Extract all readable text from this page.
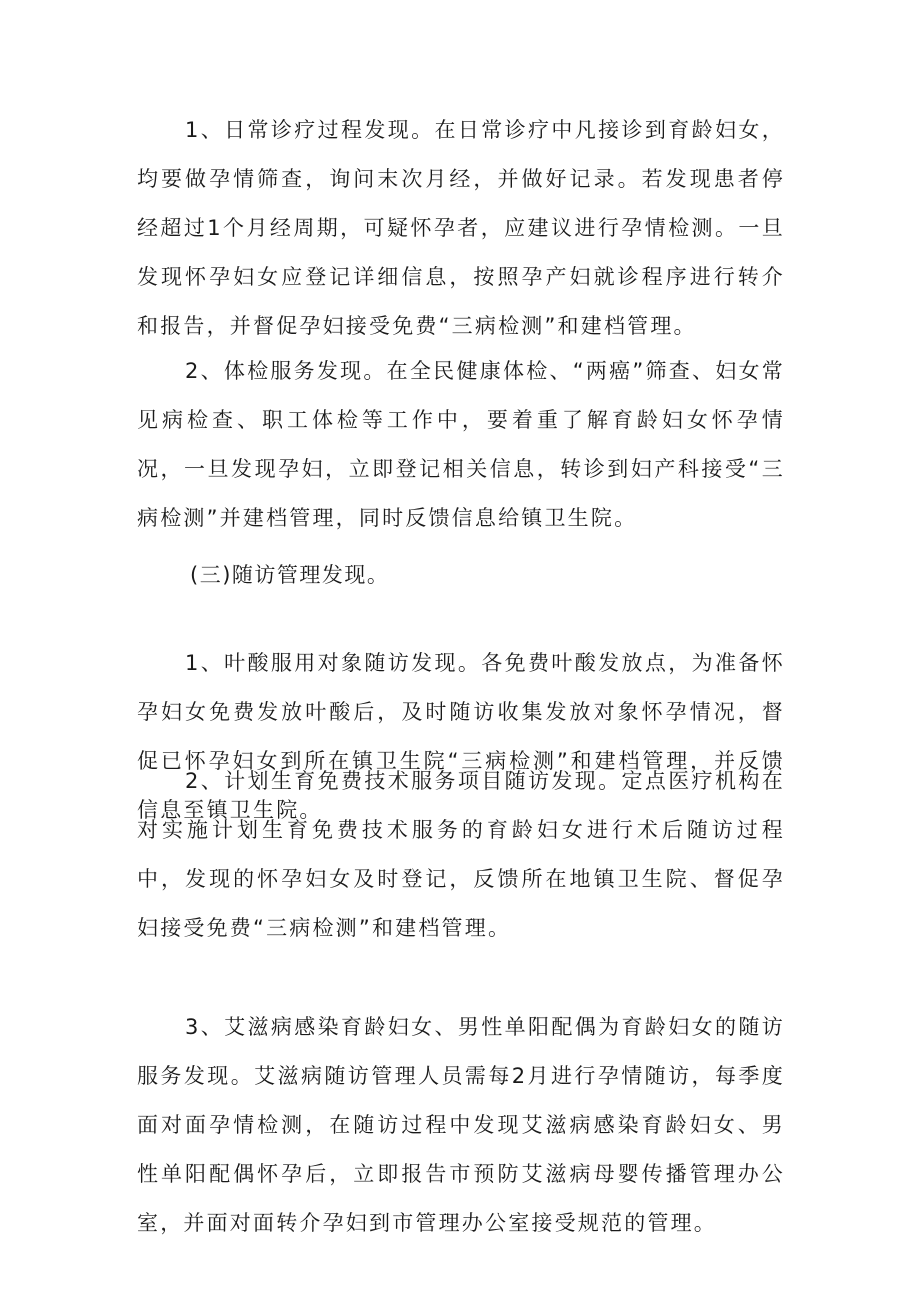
1、日常诊疗过程发现。在日常诊疗中凡接诊到育龄妇女，均要做孕情筛查，询问末次月经，并做好记录。若发现患者停经超过1个月经周期，可疑怀孕者，应建议进行孕情检测。一旦发现怀孕妇女应登记详细信息，按照孕产妇就诊程序进行转介和报告，并督促孕妇接受免费“三病检测”和建档管理。

2、体检服务发现。在全民健康体检、“两癌”筛查、妇女常见病检查、职工体检等工作中，要着重了解育龄妇女怀孕情况，一旦发现孕妇，立即登记相关信息，转诊到妇产科接受“三病检测”并建档管理，同时反馈信息给镇卫生院。

(三)随访管理发现。

1、叶酸服用对象随访发现。各免费叶酸发放点，为准备怀孕妇女免费发放叶酸后，及时随访收集发放对象怀孕情况，督促已怀孕妇女到所在镇卫生院“三病检测”和建档管理，并反馈信息至镇卫生院。

2、计划生育免费技术服务项目随访发现。定点医疗机构在对实施计划生育免费技术服务的育龄妇女进行术后随访过程中，发现的怀孕妇女及时登记，反馈所在地镇卫生院、督促孕妇接受免费“三病检测”和建档管理。

3、艾滋病感染育龄妇女、男性单阳配偶为育龄妇女的随访服务发现。艾滋病随访管理人员需每2月进行孕情随访，每季度面对面孕情检测，在随访过程中发现艾滋病感染育龄妇女、男性单阳配偶怀孕后，立即报告市预防艾滋病母婴传播管理办公室，并面对面转介孕妇到市管理办公室接受规范的管理。
